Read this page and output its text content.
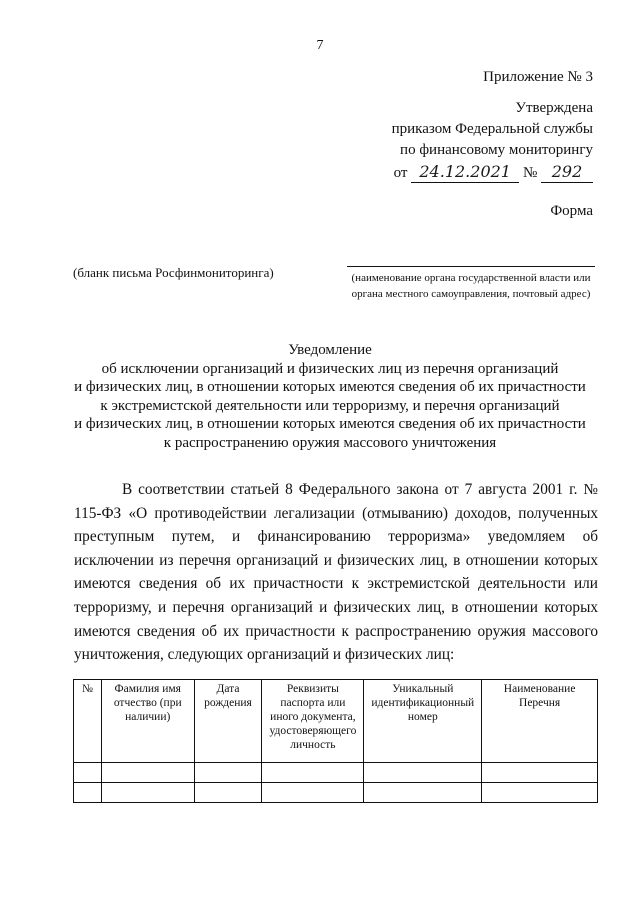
7
Приложение № 3
Утверждена
приказом Федеральной службы
по финансовому мониторингу
от 24.12.2021 № 292
Форма
(бланк письма Росфинмониторинга)	(наименование органа государственной власти или органа местного самоуправления, почтовый адрес)
Уведомление
об исключении организаций и физических лиц из перечня организаций
и физических лиц, в отношении которых имеются сведения об их причастности
к экстремистской деятельности или терроризму, и перечня организаций
и физических лиц, в отношении которых имеются сведения об их причастности
к распространению оружия массового уничтожения
В соответствии статьей 8 Федерального закона от 7 августа 2001 г. № 115-ФЗ «О противодействии легализации (отмыванию) доходов, полученных преступным путем, и финансированию терроризма» уведомляем об исключении из перечня организаций и физических лиц, в отношении которых имеются сведения об их причастности к экстремистской деятельности или терроризму, и перечня организаций и физических лиц, в отношении которых имеются сведения об их причастности к распространению оружия массового уничтожения, следующих организаций и физических лиц:
№	Фамилия имя отчество (при наличии)	Дата рождения	Реквизиты паспорта или иного документа, удостоверяющего личность	Уникальный идентификационный номер	Наименование Перечня
